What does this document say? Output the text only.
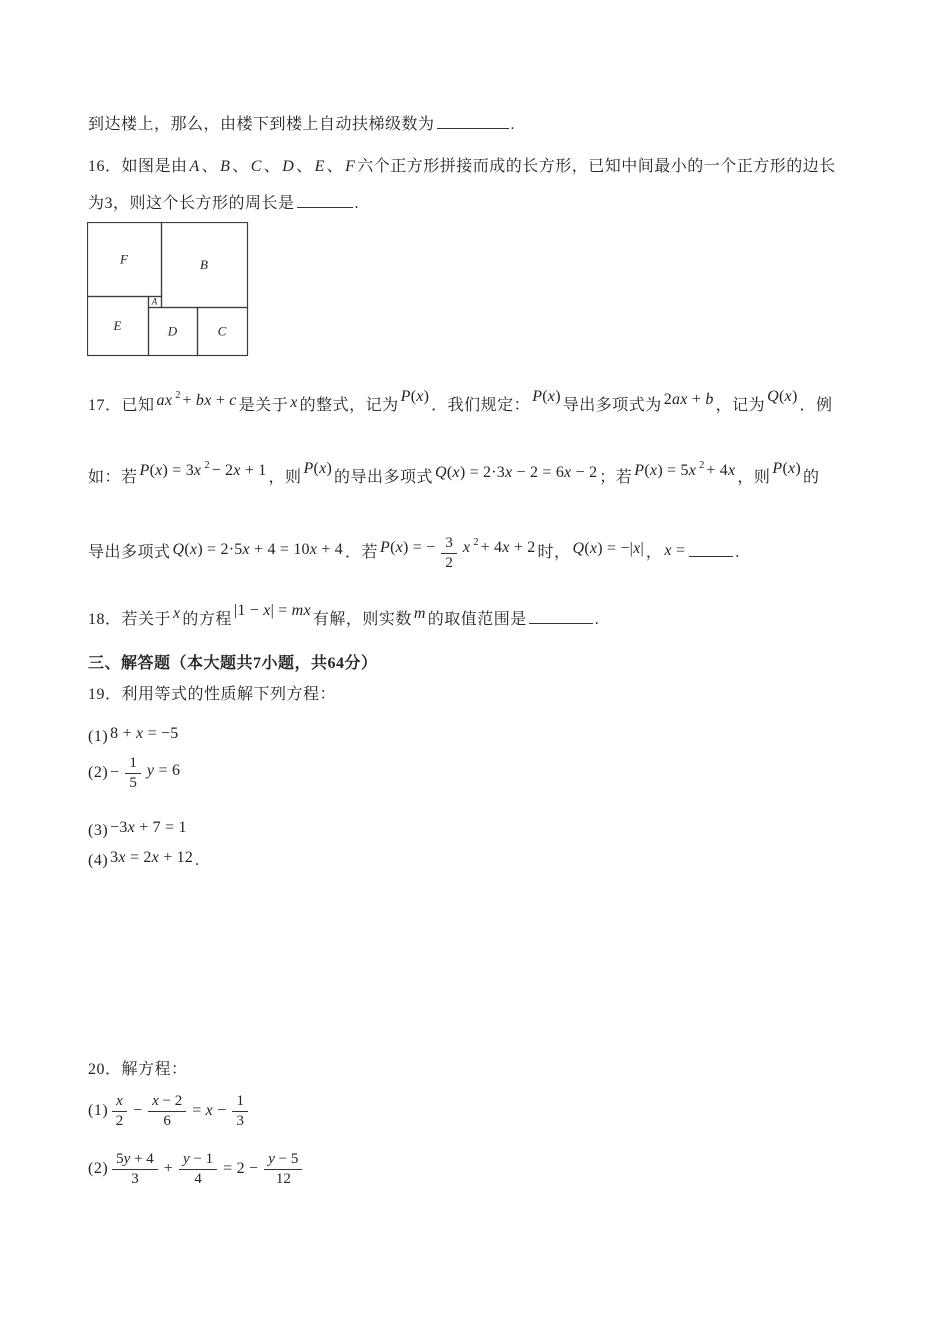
到达楼上，那么，由楼下到楼上自动扶梯级数为	.
16．如图是由 A 、 B 、 C 、 D 、 E 、 F 六个正方形拼接而成的长方形，已知中间最小的一个正方形的边长
为3，则这个长方形的周长是	.
17．已知 ax 2 + bx + c 是关于 x 的整式，记为P(x)．我们规定：P(x)导出多项式为 2ax + b ，记为Q(x)．例
如：若 P(x) = 3x 2 − 2x + 1 ，则P(x)的导出多项式 Q(x) = 2·3x − 2 = 6x − 2 ；若 P(x) = 5x 2 + 4x ，则P(x)的
导出多项式 Q(x) = 2·5x + 4 = 10x + 4 ．若 P(x) = − $\frac{3}{2}$ x 2 + 4x + 2 时， Q(x) = −|x| ， x =	.
18．若关于 x 的方程|1 − x| = mx有解，则实数 m 的取值范围是	.
三、解答题（本大题共7小题，共64分）
19．利用等式的性质解下列方程：
(1) 8 + x = −5
$(2) - \frac{1}{5}$ y = 6
(3) −3x + 7 = 1
(4) 3x = 2x + 12 .
20．解方程：
$(1) \frac{x}{2} - \frac{x - 2}{6} = x - \frac{1}{3}$
$(2) \frac{5y + 4}{3} + \frac{y - 1}{4} = 2 - \frac{y - 5}{12}$
F	B
A
E	D	C
